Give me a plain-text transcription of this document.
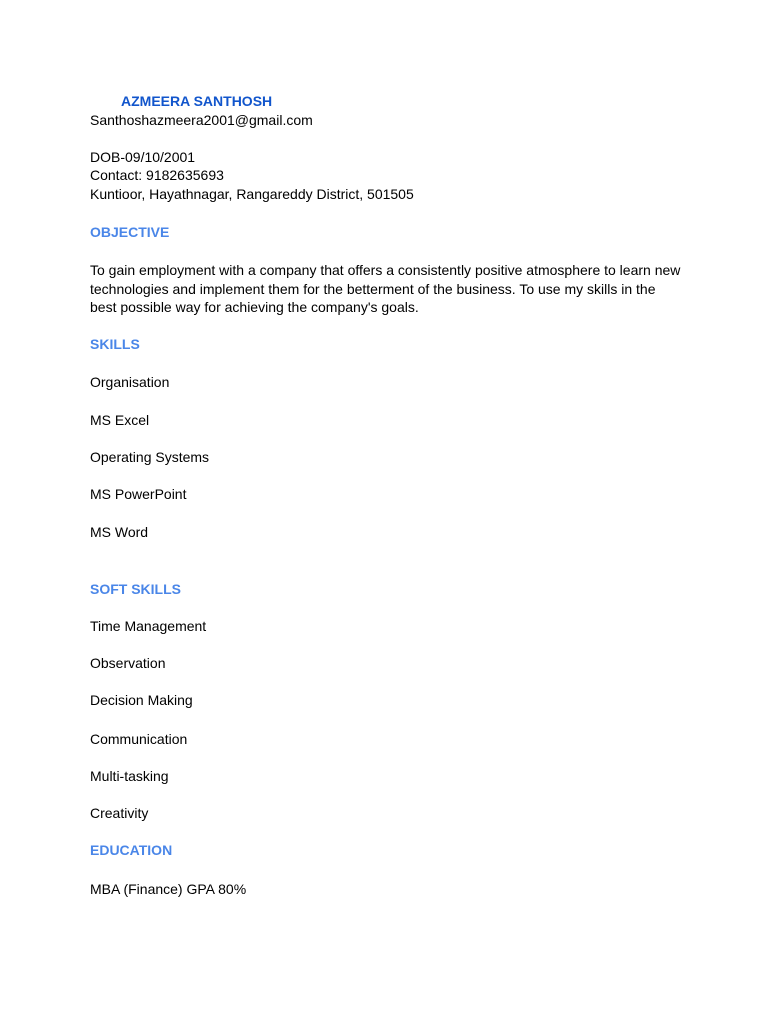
AZMEERA SANTHOSH
Santhoshazmeera2001@gmail.com
DOB-09/10/2001
Contact: 9182635693
Kuntioor, Hayathnagar, Rangareddy District, 501505
OBJECTIVE
To gain employment with a company that offers a consistently positive atmosphere to learn new
technologies and implement them for the betterment of the business. To use my skills in the
best possible way for achieving the company's goals.
SKILLS
Organisation
MS Excel
Operating Systems
MS PowerPoint
MS Word
SOFT SKILLS
Time Management
Observation
Decision Making
Communication
Multi-tasking
Creativity
EDUCATION
MBA (Finance) GPA 80%
